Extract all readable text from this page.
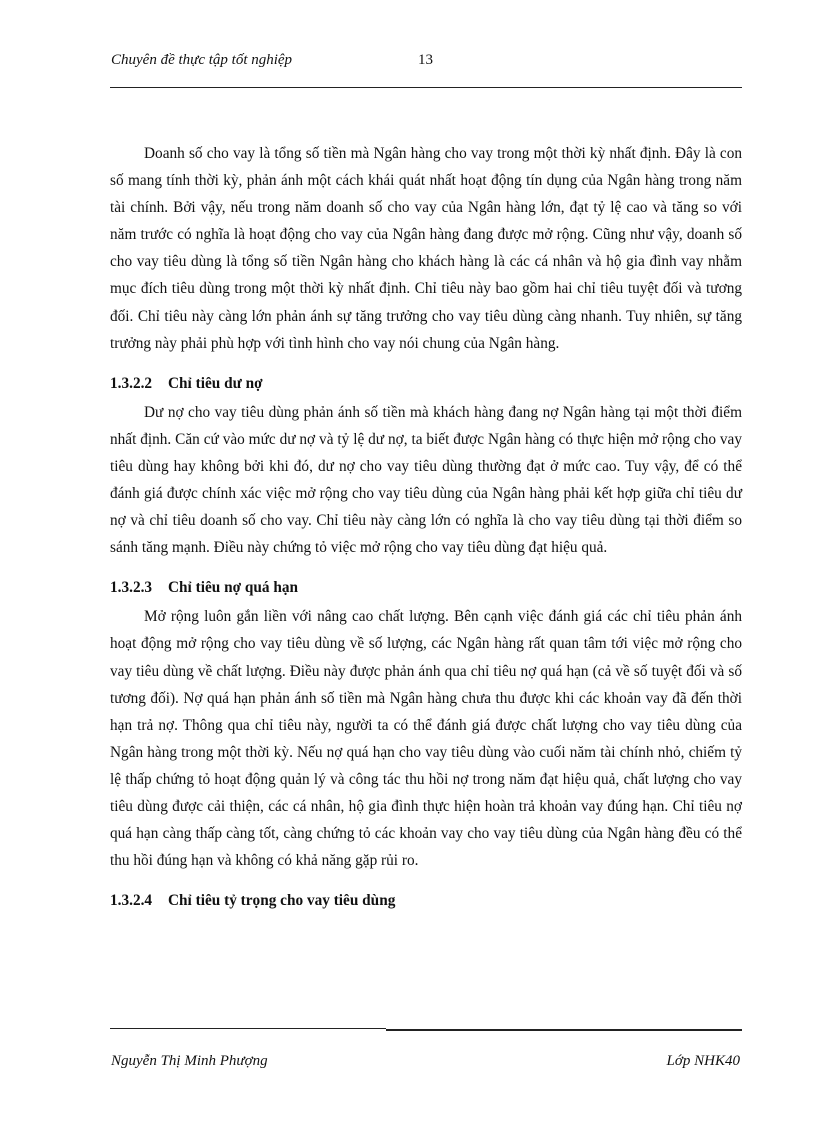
Chuyên đề thực tập tốt nghiệp	13

Doanh số cho vay là tổng số tiền mà Ngân hàng cho vay trong một thời kỳ nhất định. Đây là con số mang tính thời kỳ, phản ánh một cách khái quát nhất hoạt động tín dụng của Ngân hàng trong năm tài chính. Bởi vậy, nếu trong năm doanh số cho vay của Ngân hàng lớn, đạt tỷ lệ cao và tăng so với năm trước có nghĩa là hoạt động cho vay của Ngân hàng đang được mở rộng. Cũng như vậy, doanh số cho vay tiêu dùng là tổng số tiền Ngân hàng cho khách hàng là các cá nhân và hộ gia đình vay nhằm mục đích tiêu dùng trong một thời kỳ nhất định. Chỉ tiêu này bao gồm hai chỉ tiêu tuyệt đối và tương đối. Chỉ tiêu này càng lớn phản ánh sự tăng trưởng cho vay tiêu dùng càng nhanh. Tuy nhiên, sự tăng trưởng này phải phù hợp với tình hình cho vay nói chung của Ngân hàng.

1.3.2.2 Chỉ tiêu dư nợ

Dư nợ cho vay tiêu dùng phản ánh số tiền mà khách hàng đang nợ Ngân hàng tại một thời điểm nhất định. Căn cứ vào mức dư nợ và tỷ lệ dư nợ, ta biết được Ngân hàng có thực hiện mở rộng cho vay tiêu dùng hay không bởi khi đó, dư nợ cho vay tiêu dùng thường đạt ở mức cao. Tuy vậy, để có thể đánh giá được chính xác việc mở rộng cho vay tiêu dùng của Ngân hàng phải kết hợp giữa chỉ tiêu dư nợ và chỉ tiêu doanh số cho vay. Chỉ tiêu này càng lớn có nghĩa là cho vay tiêu dùng tại thời điểm so sánh tăng mạnh. Điều này chứng tỏ việc mở rộng cho vay tiêu dùng đạt hiệu quả.

1.3.2.3 Chỉ tiêu nợ quá hạn

Mở rộng luôn gắn liền với nâng cao chất lượng. Bên cạnh việc đánh giá các chỉ tiêu phản ánh hoạt động mở rộng cho vay tiêu dùng về số lượng, các Ngân hàng rất quan tâm tới việc mở rộng cho vay tiêu dùng về chất lượng. Điều này được phản ánh qua chỉ tiêu nợ quá hạn (cả về số tuyệt đối và số tương đối). Nợ quá hạn phản ánh số tiền mà Ngân hàng chưa thu được khi các khoản vay đã đến thời hạn trả nợ. Thông qua chỉ tiêu này, người ta có thể đánh giá được chất lượng cho vay tiêu dùng của Ngân hàng trong một thời kỳ. Nếu nợ quá hạn cho vay tiêu dùng vào cuối năm tài chính nhỏ, chiếm tỷ lệ thấp chứng tỏ hoạt động quản lý và công tác thu hồi nợ trong năm đạt hiệu quả, chất lượng cho vay tiêu dùng được cải thiện, các cá nhân, hộ gia đình thực hiện hoàn trả khoản vay đúng hạn. Chỉ tiêu nợ quá hạn càng thấp càng tốt, càng chứng tỏ các khoản vay cho vay tiêu dùng của Ngân hàng đều có thể thu hồi đúng hạn và không có khả năng gặp rủi ro.

1.3.2.4 Chỉ tiêu tỷ trọng cho vay tiêu dùng
Nguyễn Thị Minh Phượng	Lớp NHK40
